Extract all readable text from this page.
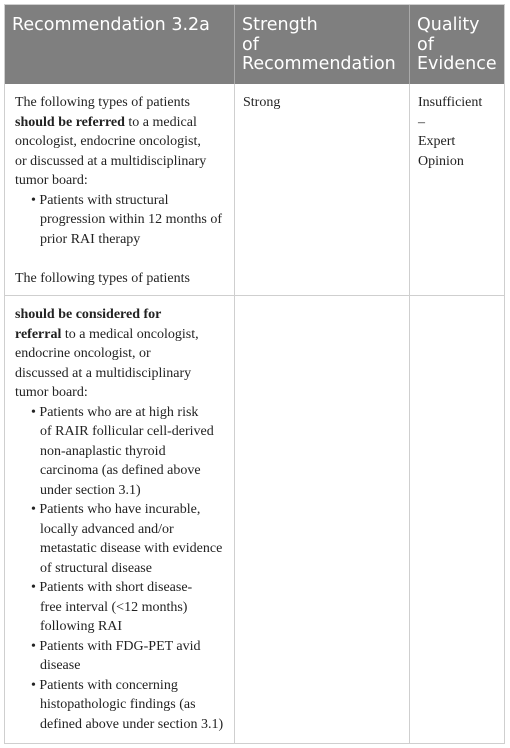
Recommendation 3.2a	Strength
of
Recommendation
Quality
of
Evidence
The following types of patients
should be referred to a medical
oncologist, endocrine oncologist,
or discussed at a multidisciplinary
tumor board:
• Patients with structural
progression within 12 months of
prior RAI therapy
The following types of patients
Strong	Insufficient
–
Expert
Opinion
should be considered for
referral to a medical oncologist,
endocrine oncologist, or
discussed at a multidisciplinary
tumor board:
• Patients who are at high risk
of RAIR follicular cell-derived
non-anaplastic thyroid
carcinoma (as defined above
under section 3.1)
• Patients who have incurable,
locally advanced and/or
metastatic disease with evidence
of structural disease
• Patients with short disease-
free interval (<12 months)
following RAI
• Patients with FDG-PET avid
disease
• Patients with concerning
histopathologic findings (as
defined above under section 3.1)
